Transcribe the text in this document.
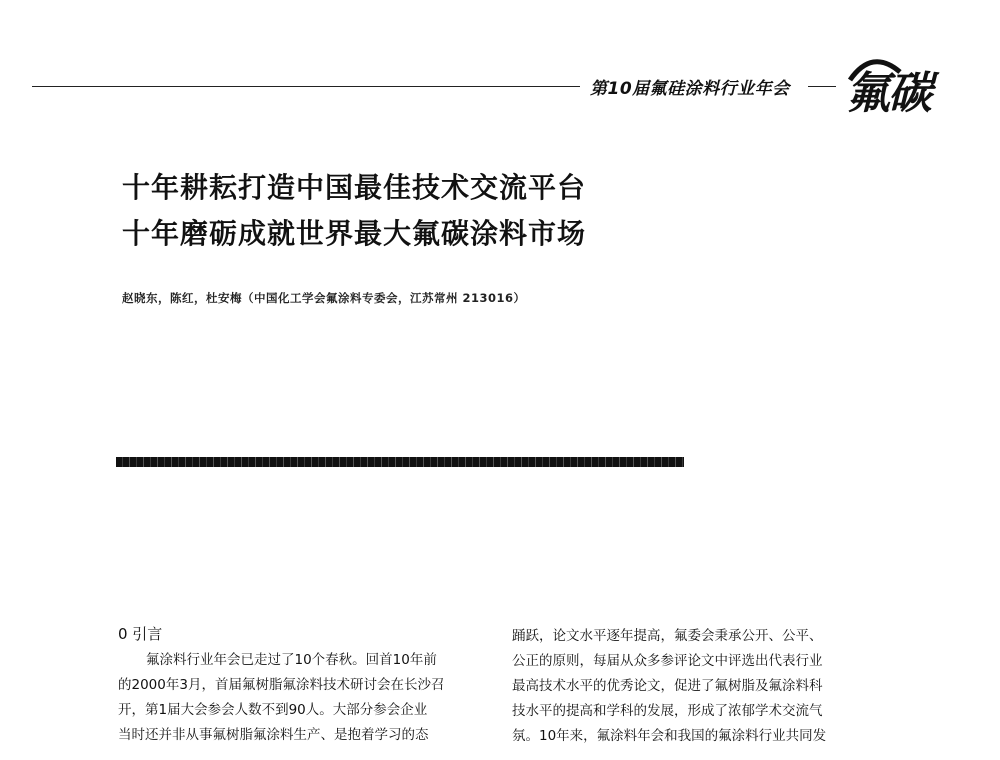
第10届氟硅涂料行业年会 氟碳
十年耕耘打造中国最佳技术交流平台
十年磨砺成就世界最大氟碳涂料市场
赵晓东，陈红，杜安梅（中国化工学会氟涂料专委会，江苏常州 213016）
0 引言
氟涂料行业年会已走过了10个春秋。回首10年前
的2000年3月，首届氟树脂氟涂料技术研讨会在长沙召
开，第1届大会参会人数不到90人。大部分参会企业
当时还并非从事氟树脂氟涂料生产、是抱着学习的态
踊跃，论文水平逐年提高，氟委会秉承公开、公平、
公正的原则，每届从众多参评论文中评选出代表行业
最高技术水平的优秀论文，促进了氟树脂及氟涂料科
技水平的提高和学科的发展，形成了浓郁学术交流气
氛。10年来，氟涂料年会和我国的氟涂料行业共同发
